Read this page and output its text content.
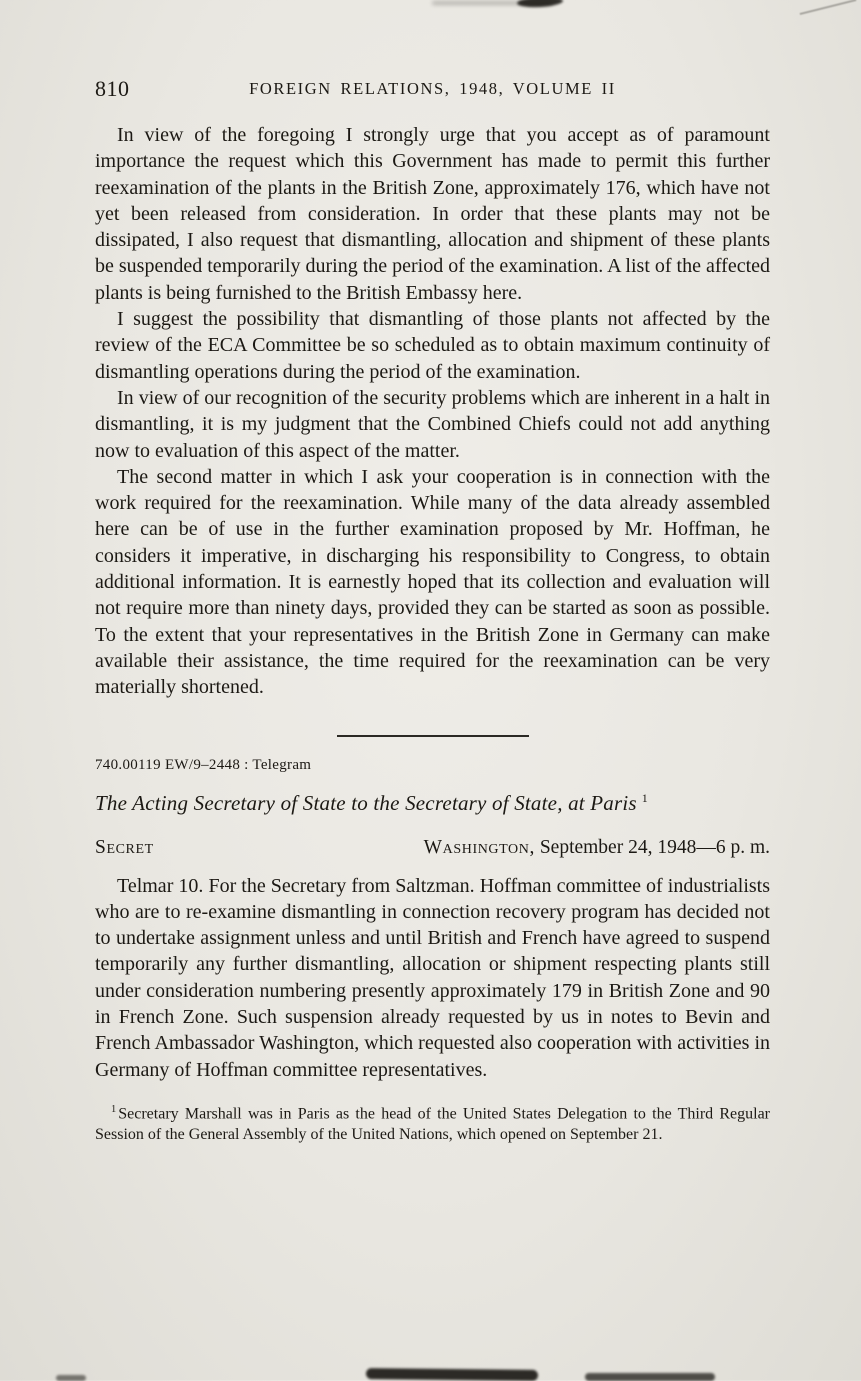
810	FOREIGN RELATIONS, 1948, VOLUME II

In view of the foregoing I strongly urge that you accept as of paramount importance the request which this Government has made to permit this further reexamination of the plants in the British Zone, approximately 176, which have not yet been released from consideration. In order that these plants may not be dissipated, I also request that dismantling, allocation and shipment of these plants be suspended temporarily during the period of the examination. A list of the affected plants is being furnished to the British Embassy here.

I suggest the possibility that dismantling of those plants not affected by the review of the ECA Committee be so scheduled as to obtain maximum continuity of dismantling operations during the period of the examination.

In view of our recognition of the security problems which are inherent in a halt in dismantling, it is my judgment that the Combined Chiefs could not add anything now to evaluation of this aspect of the matter.

The second matter in which I ask your cooperation is in connection with the work required for the reexamination. While many of the data already assembled here can be of use in the further examination proposed by Mr. Hoffman, he considers it imperative, in discharging his responsibility to Congress, to obtain additional information. It is earnestly hoped that its collection and evaluation will not require more than ninety days, provided they can be started as soon as possible. To the extent that your representatives in the British Zone in Germany can make available their assistance, the time required for the reexamination can be very materially shortened.

740.00119 EW/9–2448 : Telegram
The Acting Secretary of State to the Secretary of State, at Paris $^1$
Secret	Washington, September 24, 1948—6 p. m.

Telmar 10. For the Secretary from Saltzman. Hoffman committee of industrialists who are to re-examine dismantling in connection recovery program has decided not to undertake assignment unless and until British and French have agreed to suspend temporarily any further dismantling, allocation or shipment respecting plants still under consideration numbering presently approximately 179 in British Zone and 90 in French Zone. Such suspension already requested by us in notes to Bevin and French Ambassador Washington, which requested also cooperation with activities in Germany of Hoffman committee representatives.

$^1$ Secretary Marshall was in Paris as the head of the United States Delegation to the Third Regular Session of the General Assembly of the United Nations, which opened on September 21.
